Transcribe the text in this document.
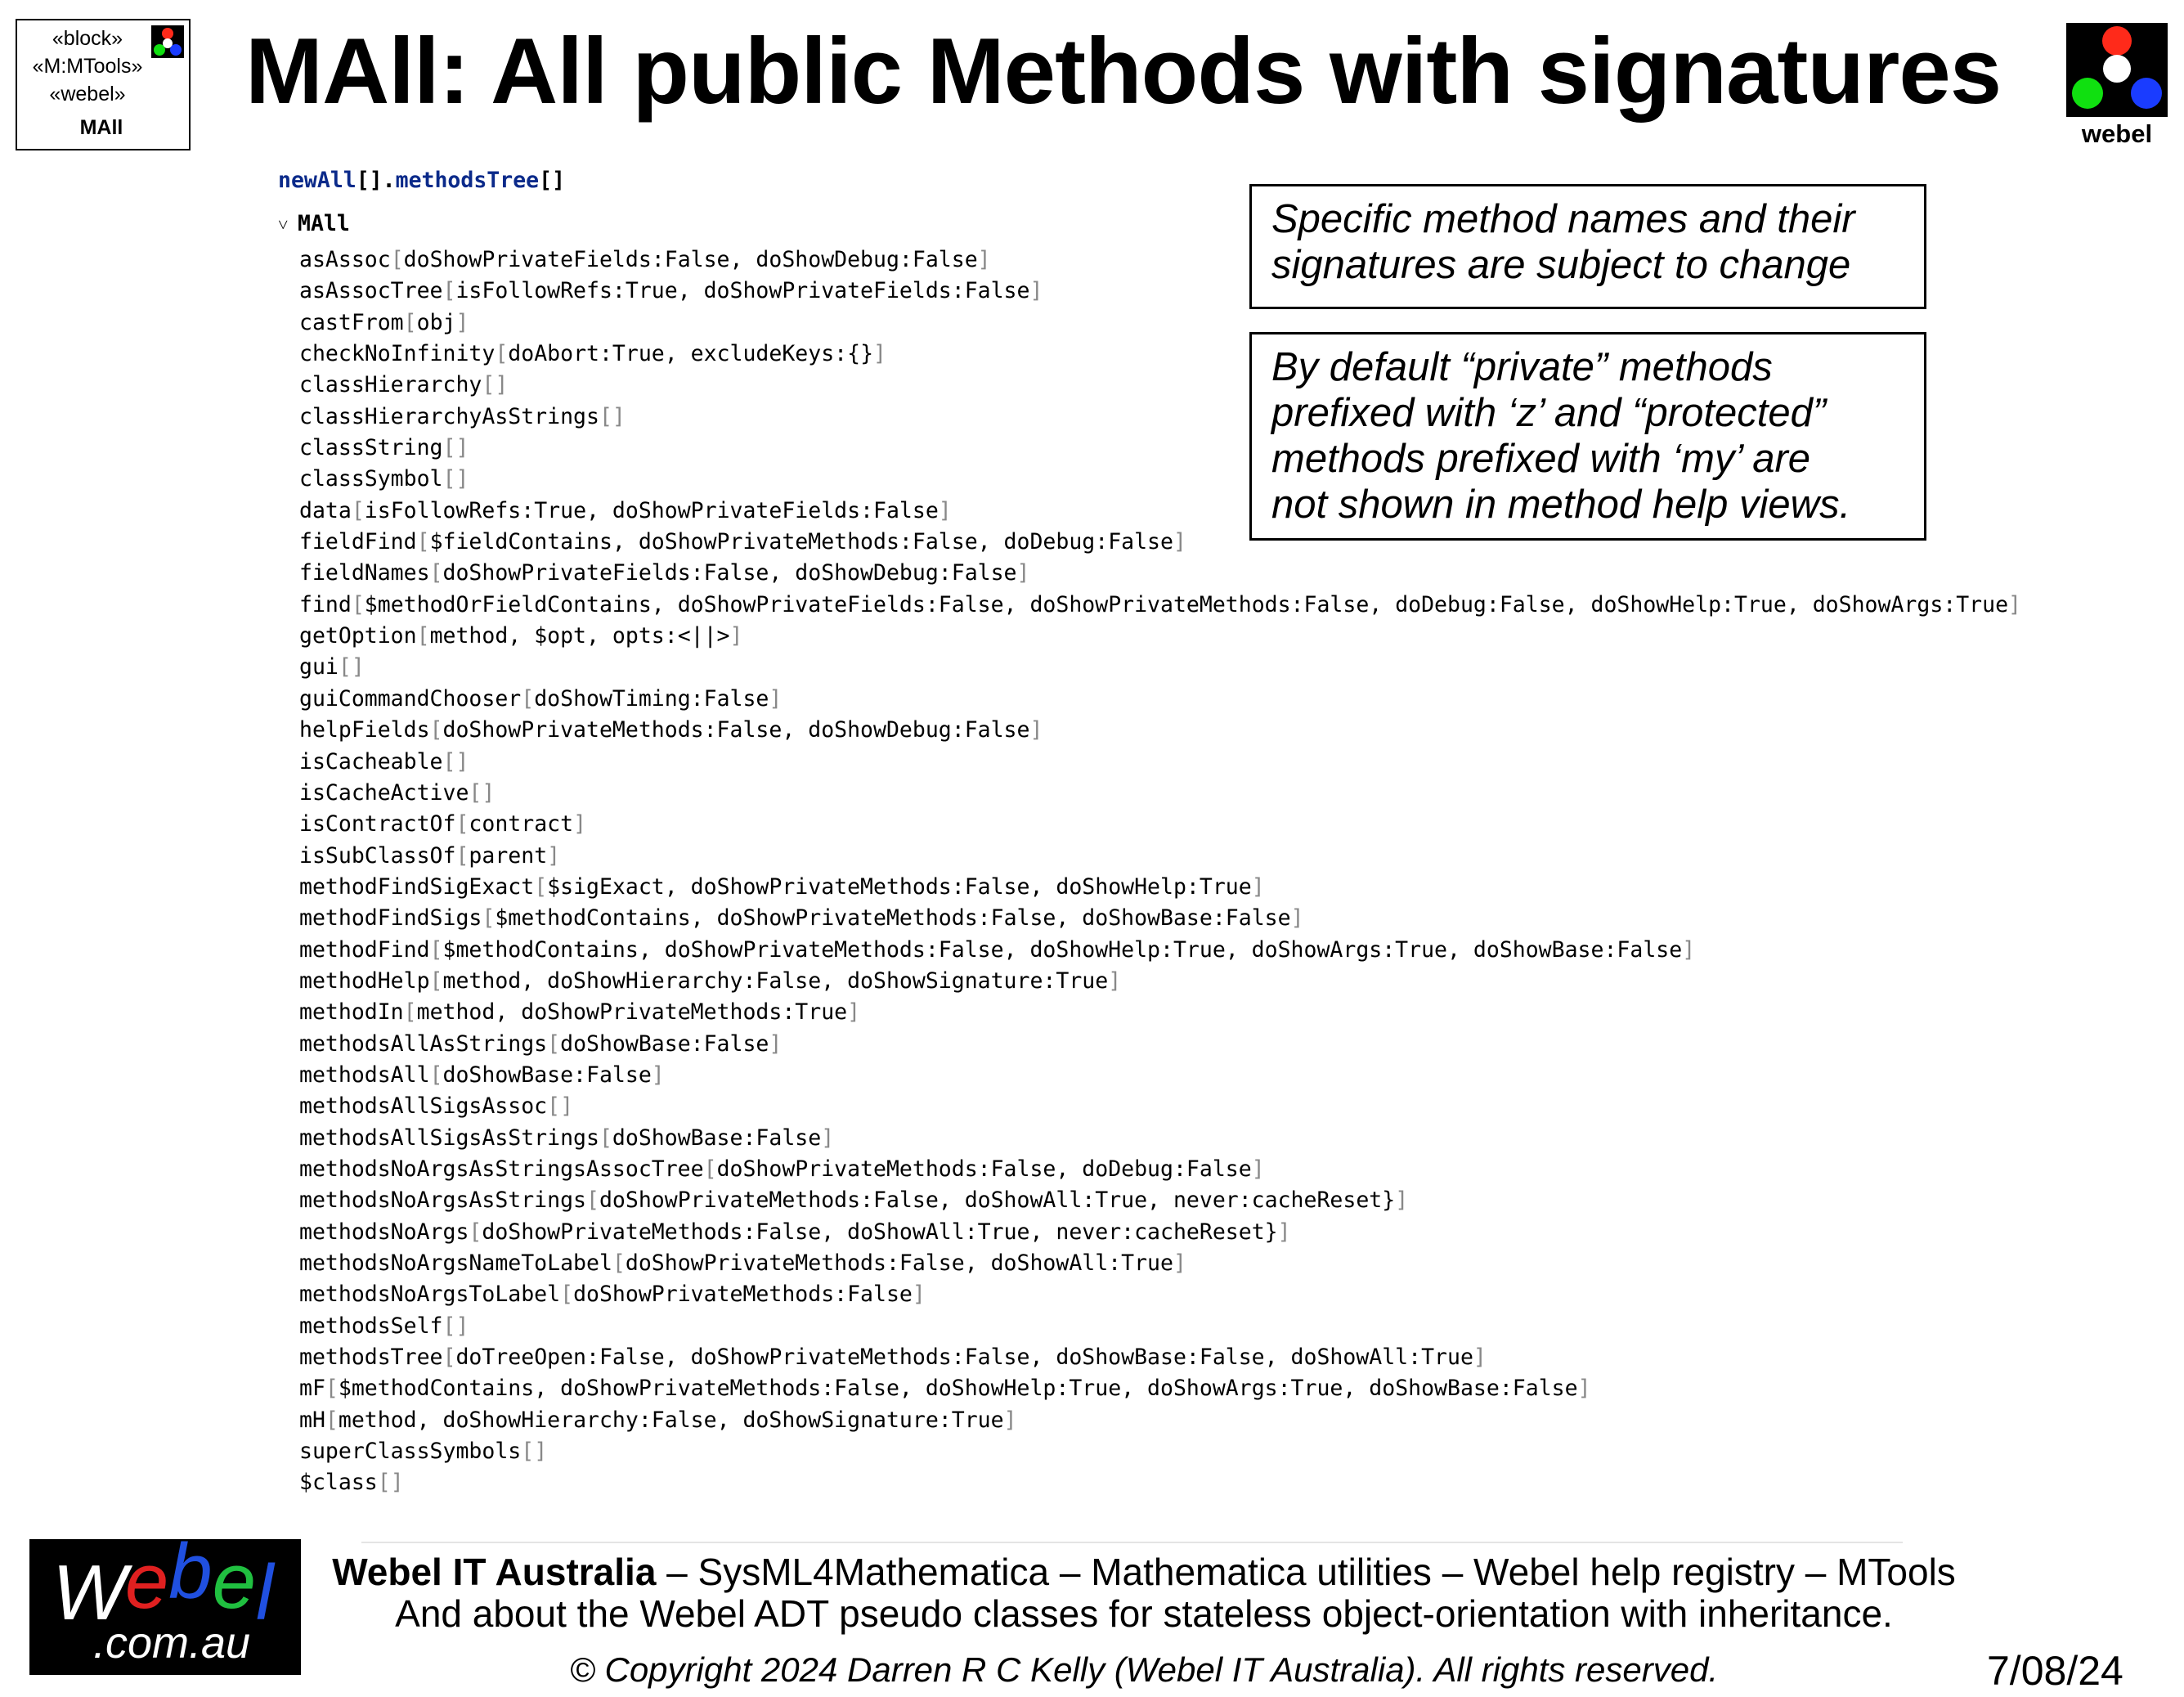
«block»
«M:MTools»
«webel»
MAll
MAll: All public Methods with signatures
webel

newAll[].methodsTree[]

˅ MAll

asAssoc[doShowPrivateFields:False, doShowDebug:False]
asAssocTree[isFollowRefs:True, doShowPrivateFields:False]
castFrom[obj]
checkNoInfinity[doAbort:True, excludeKeys:{}]
classHierarchy[]
classHierarchyAsStrings[]
classString[]
classSymbol[]
data[isFollowRefs:True, doShowPrivateFields:False]
fieldFind[$fieldContains, doShowPrivateMethods:False, doDebug:False]
fieldNames[doShowPrivateFields:False, doShowDebug:False]
find[$methodOrFieldContains, doShowPrivateFields:False, doShowPrivateMethods:False, doDebug:False, doShowHelp:True, doShowArgs:True]
getOption[method, $opt, opts:<||>]
gui[]
guiCommandChooser[doShowTiming:False]
helpFields[doShowPrivateMethods:False, doShowDebug:False]
isCacheable[]
isCacheActive[]
isContractOf[contract]
isSubClassOf[parent]
methodFindSigExact[$sigExact, doShowPrivateMethods:False, doShowHelp:True]
methodFindSigs[$methodContains, doShowPrivateMethods:False, doShowBase:False]
methodFind[$methodContains, doShowPrivateMethods:False, doShowHelp:True, doShowArgs:True, doShowBase:False]
methodHelp[method, doShowHierarchy:False, doShowSignature:True]
methodIn[method, doShowPrivateMethods:True]
methodsAllAsStrings[doShowBase:False]
methodsAll[doShowBase:False]
methodsAllSigsAssoc[]
methodsAllSigsAsStrings[doShowBase:False]
methodsNoArgsAsStringsAssocTree[doShowPrivateMethods:False, doDebug:False]
methodsNoArgsAsStrings[doShowPrivateMethods:False, doShowAll:True, never:cacheReset}]
methodsNoArgs[doShowPrivateMethods:False, doShowAll:True, never:cacheReset}]
methodsNoArgsNameToLabel[doShowPrivateMethods:False, doShowAll:True]
methodsNoArgsToLabel[doShowPrivateMethods:False]
methodsSelf[]
methodsTree[doTreeOpen:False, doShowPrivateMethods:False, doShowBase:False, doShowAll:True]
mF[$methodContains, doShowPrivateMethods:False, doShowHelp:True, doShowArgs:True, doShowBase:False]
mH[method, doShowHierarchy:False, doShowSignature:True]
superClassSymbols[]
$class[]

Specific method names and their
signatures are subject to change
By default “private” methods
prefixed with ‘z’ and “protected”
methods prefixed with ‘my’ are
not shown in method help views.
Webel
.com.au
Webel IT Australia – SysML4Mathematica – Mathematica utilities – Webel help registry – MTools
And about the Webel ADT pseudo classes for stateless object-orientation with inheritance.
© Copyright 2024 Darren R C Kelly (Webel IT Australia). All rights reserved.	7/08/24
